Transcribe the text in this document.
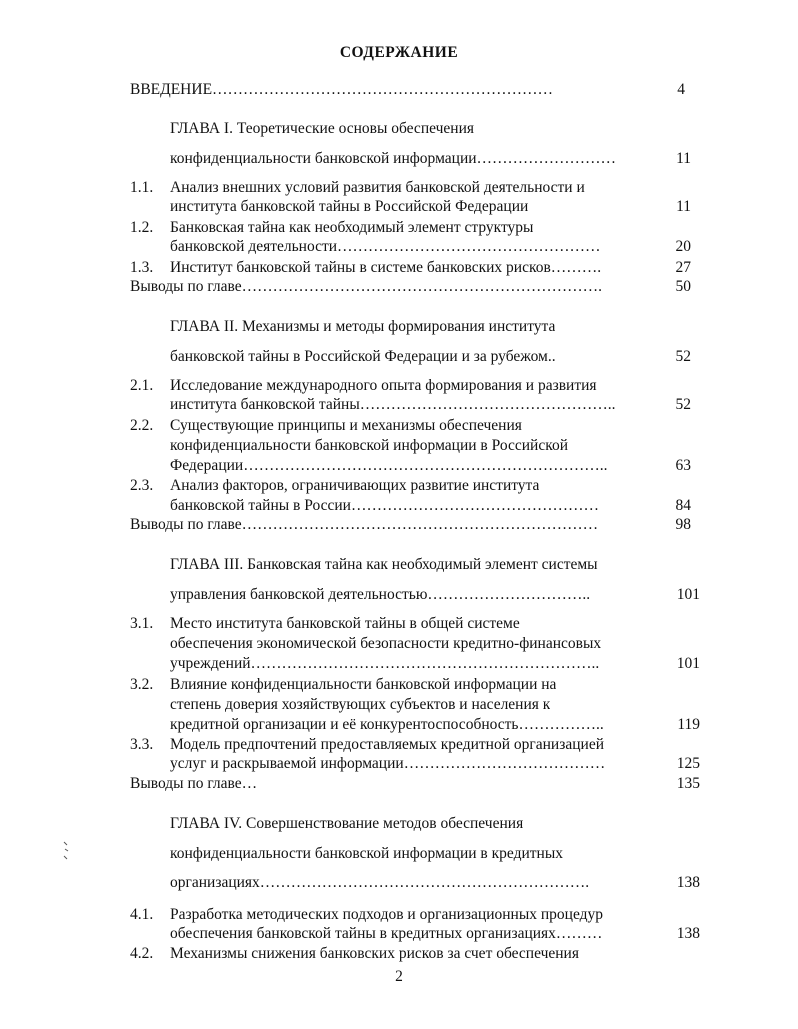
СОДЕРЖАНИЕ
ВВЕДЕНИЕ…………………………………………………………	4
ГЛАВА I. Теоретические основы обеспечения
конфиденциальности банковской информации………………………	11
1.1. Анализ внешних условий развития банковской деятельности и
института банковской тайны в Российской Федерации	11
1.2. Банковская тайна как необходимый элемент структуры
банковской деятельности……………………………………………	20
1.3. Институт банковской тайны в системе банковских рисков……….	27
Выводы по главе…………………………………………………………….	50
ГЛАВА II. Механизмы и методы формирования института
банковской тайны в Российской Федерации и за рубежом..	52
2.1. Исследование международного опыта формирования и развития
института банковской тайны…………………………………………..	52
2.2. Существующие принципы и механизмы обеспечения
конфиденциальности банковской информации в Российской
Федерации……………………………………………………………..	63
2.3. Анализ факторов, ограничивающих развитие института
банковской тайны в России…………………………………………	84
Выводы по главе……………………………………………………………	98
ГЛАВА III. Банковская тайна как необходимый элемент системы
управления банковской деятельностью…………………………..	101
3.1. Место института банковской тайны в общей системе
обеспечения экономической безопасности кредитно-финансовых
учреждений…………………………………………………………..	101
3.2. Влияние конфиденциальности банковской информации на
степень доверия хозяйствующих субъектов и населения к
кредитной организации и её конкурентоспособность……………..	119
3.3. Модель предпочтений предоставляемых кредитной организацией
услуг и раскрываемой информации…………………………………	125
Выводы по главе…	135
ГЛАВА IV. Совершенствование методов обеспечения
конфиденциальности банковской информации в кредитных
организациях……………………………………………………….	138
4.1. Разработка методических подходов и организационных процедур
обеспечения банковской тайны в кредитных организациях………	138
4.2. Механизмы снижения банковских рисков за счет обеспечения
2
